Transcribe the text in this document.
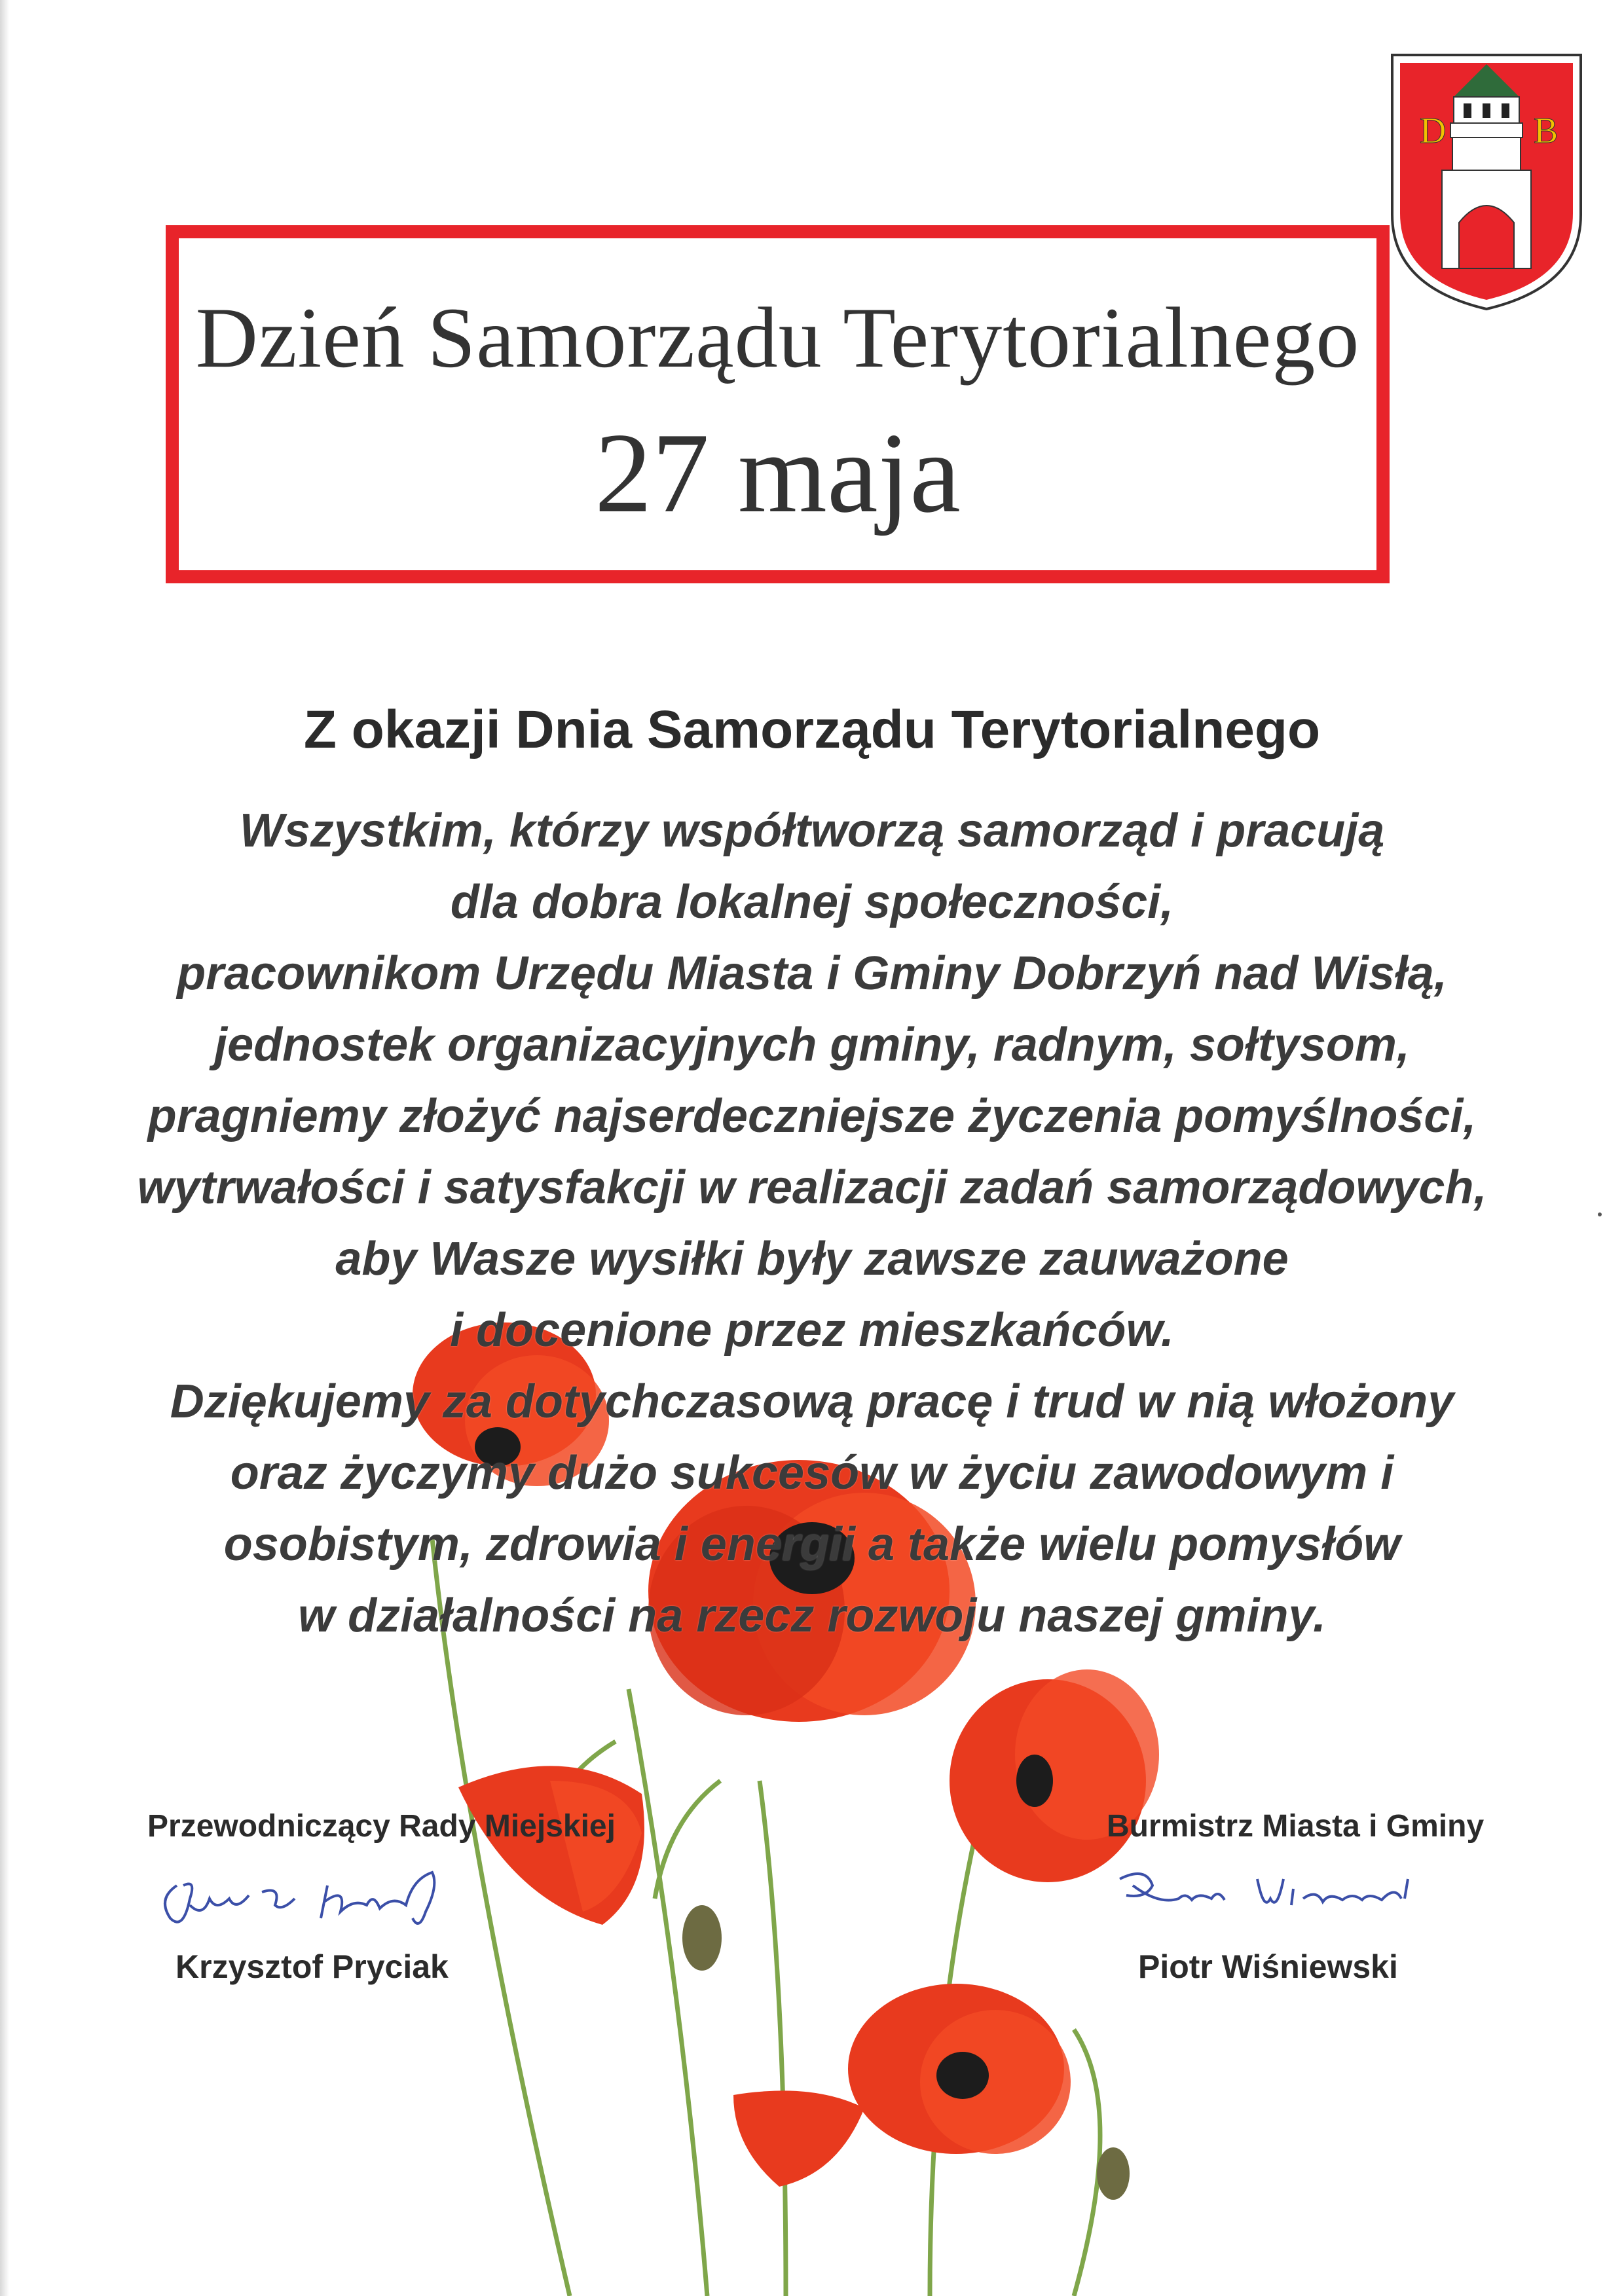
D B
Dzień Samorządu Terytorialnego
27 maja
Z okazji Dnia Samorządu Terytorialnego
Wszystkim, którzy współtworzą samorząd i pracują
dla dobra lokalnej społeczności,
pracownikom Urzędu Miasta i Gminy Dobrzyń nad Wisłą,
jednostek organizacyjnych gminy, radnym, sołtysom,
pragniemy złożyć najserdeczniejsze życzenia pomyślności,
wytrwałości i satysfakcji w realizacji zadań samorządowych,
aby Wasze wysiłki były zawsze zauważone
i docenione przez mieszkańców.
Dziękujemy za dotychczasową pracę i trud w nią włożony
oraz życzymy dużo sukcesów w życiu zawodowym i
osobistym, zdrowia i energii a także wielu pomysłów
w działalności na rzecz rozwoju naszej gminy.
Przewodniczący Rady Miejskiej
Krzysztof Pryciak
Burmistrz Miasta i Gminy
Piotr Wiśniewski
